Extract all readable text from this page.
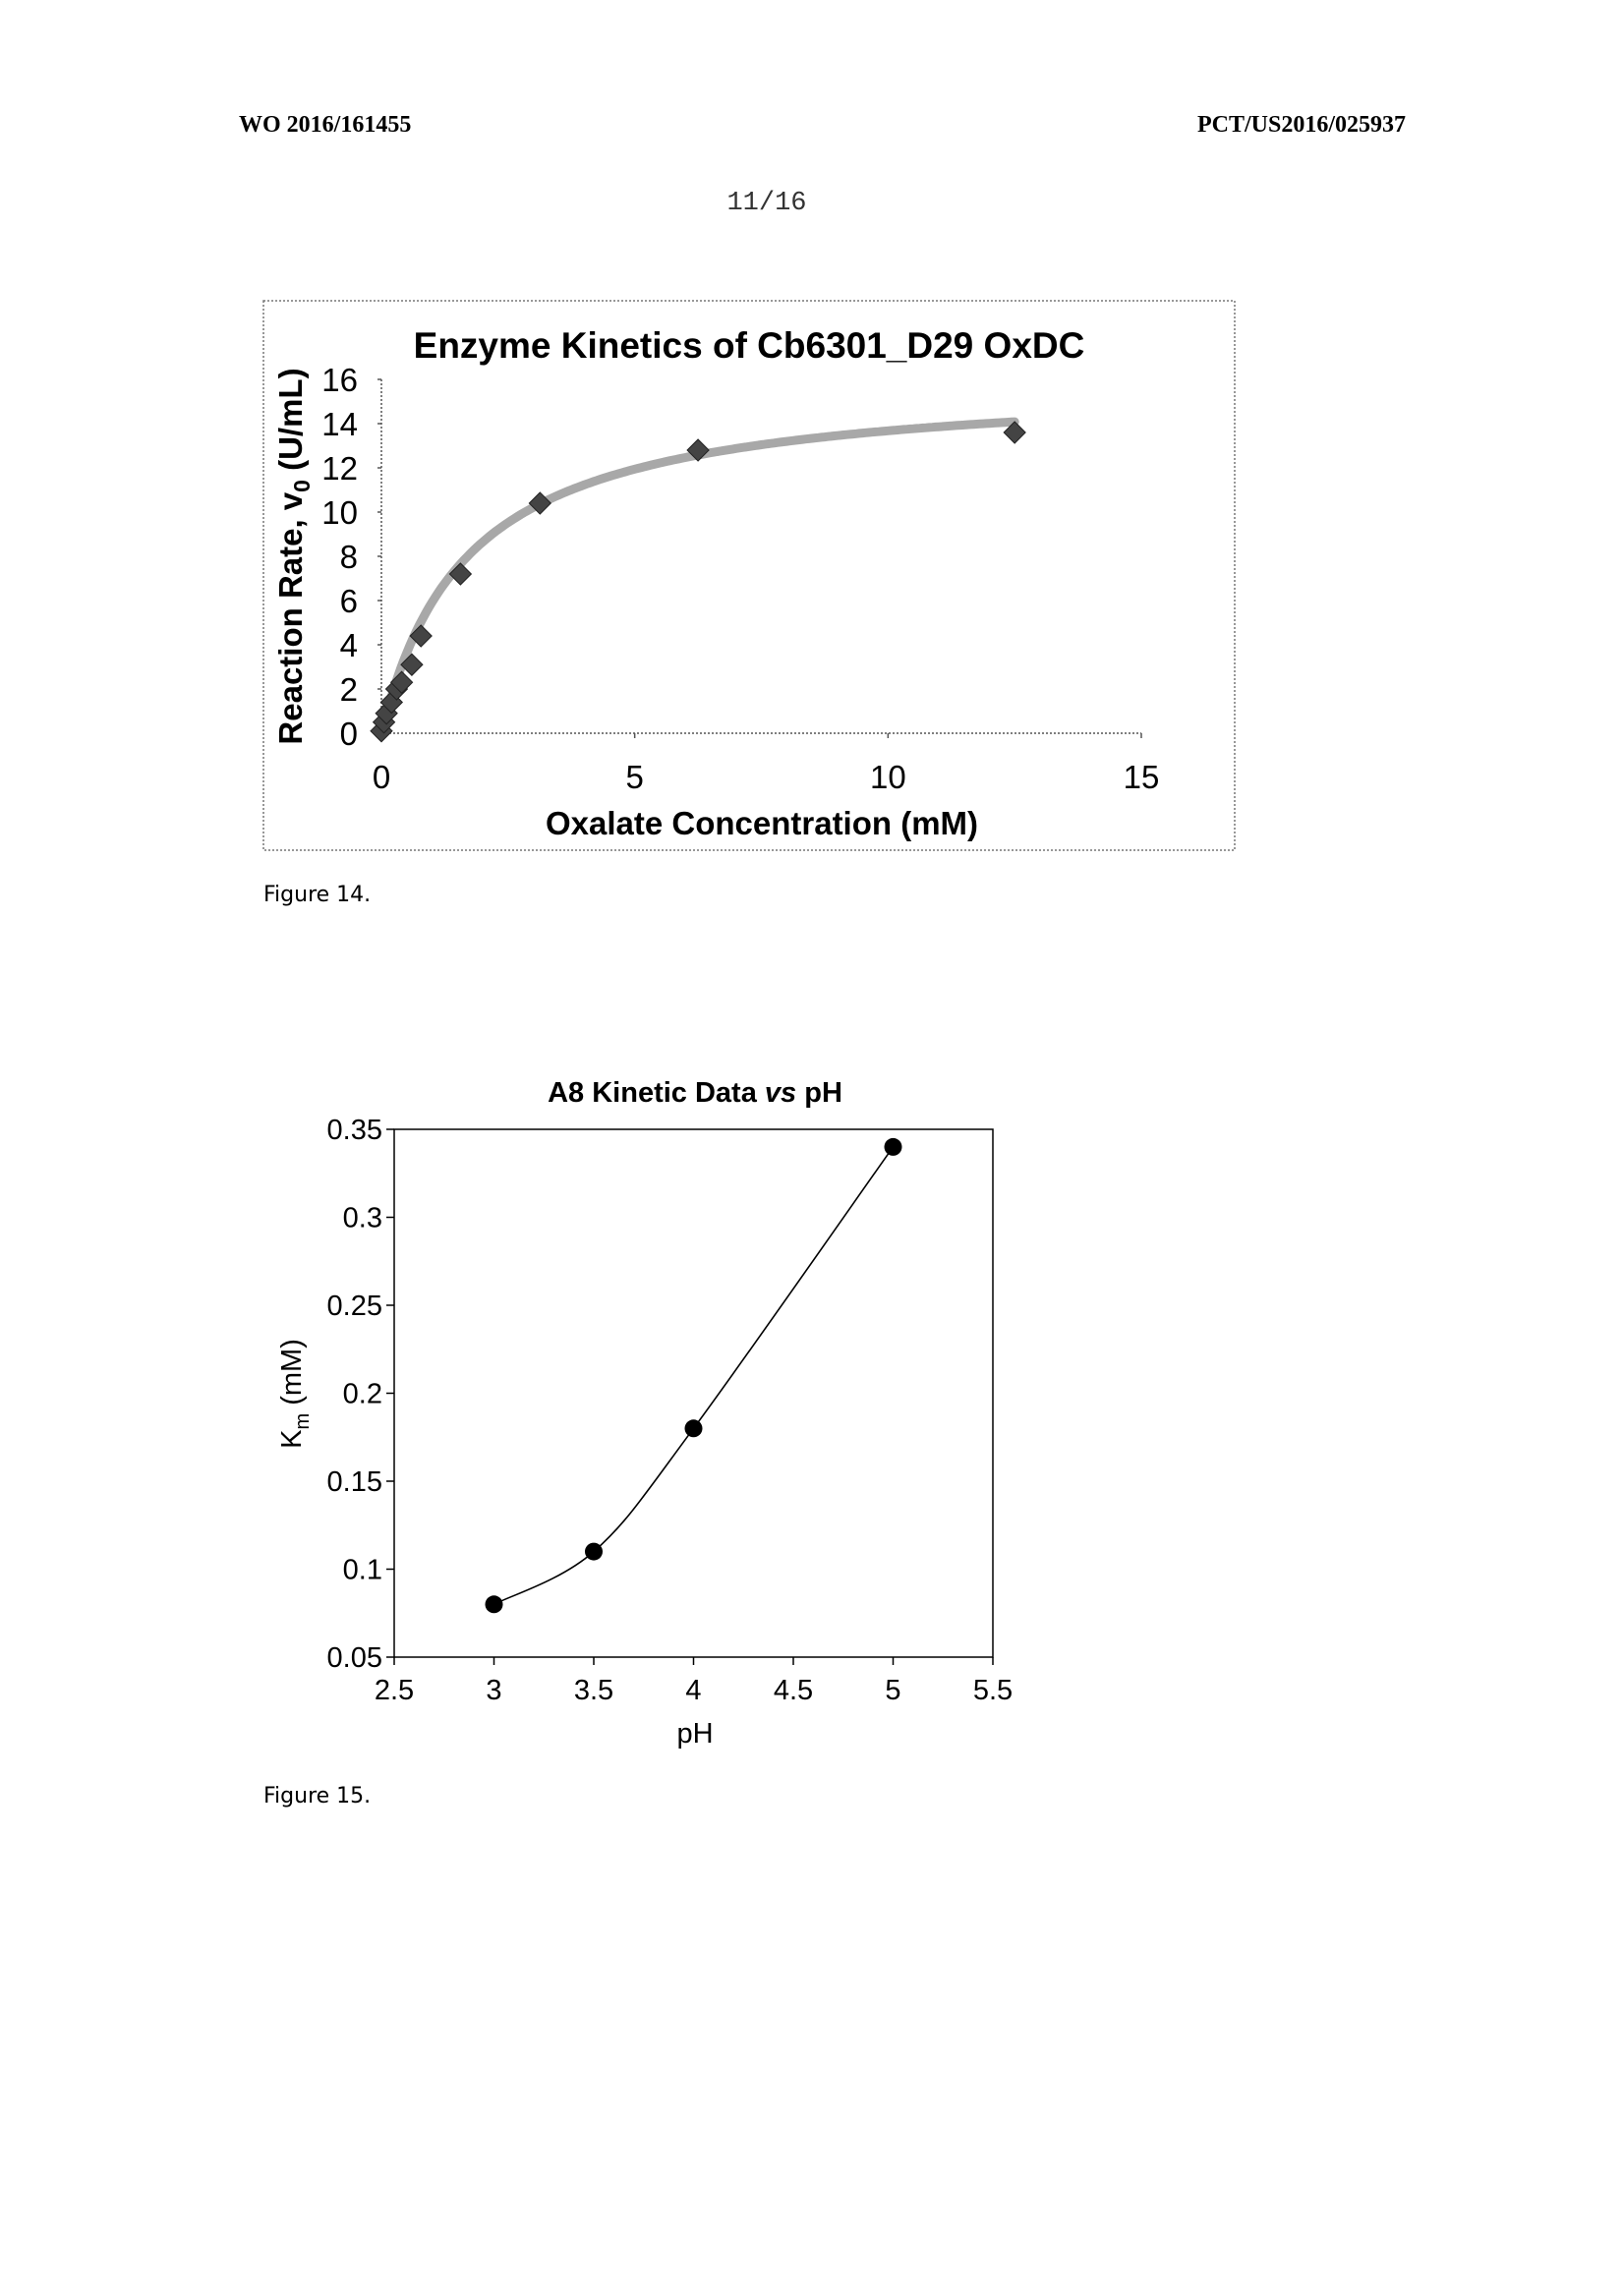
WO 2016/161455	PCT/US2016/025937
11/16
Enzyme Kinetics of Cb6301_D29 OxDC
0
2
4
6
8
10
12
14
16
0	5	10	15
Oxalate Concentration (mM)
Reaction Rate, $v_0$ (U/mL)
Figure 14.
A8 Kinetic Data vs pH
0.05
0.1
0.15
0.2
0.25
0.3
0.35
2.5	3	3.5	4	4.5	5	5.5
pH
$K_m$ (mM)
Figure 15.
